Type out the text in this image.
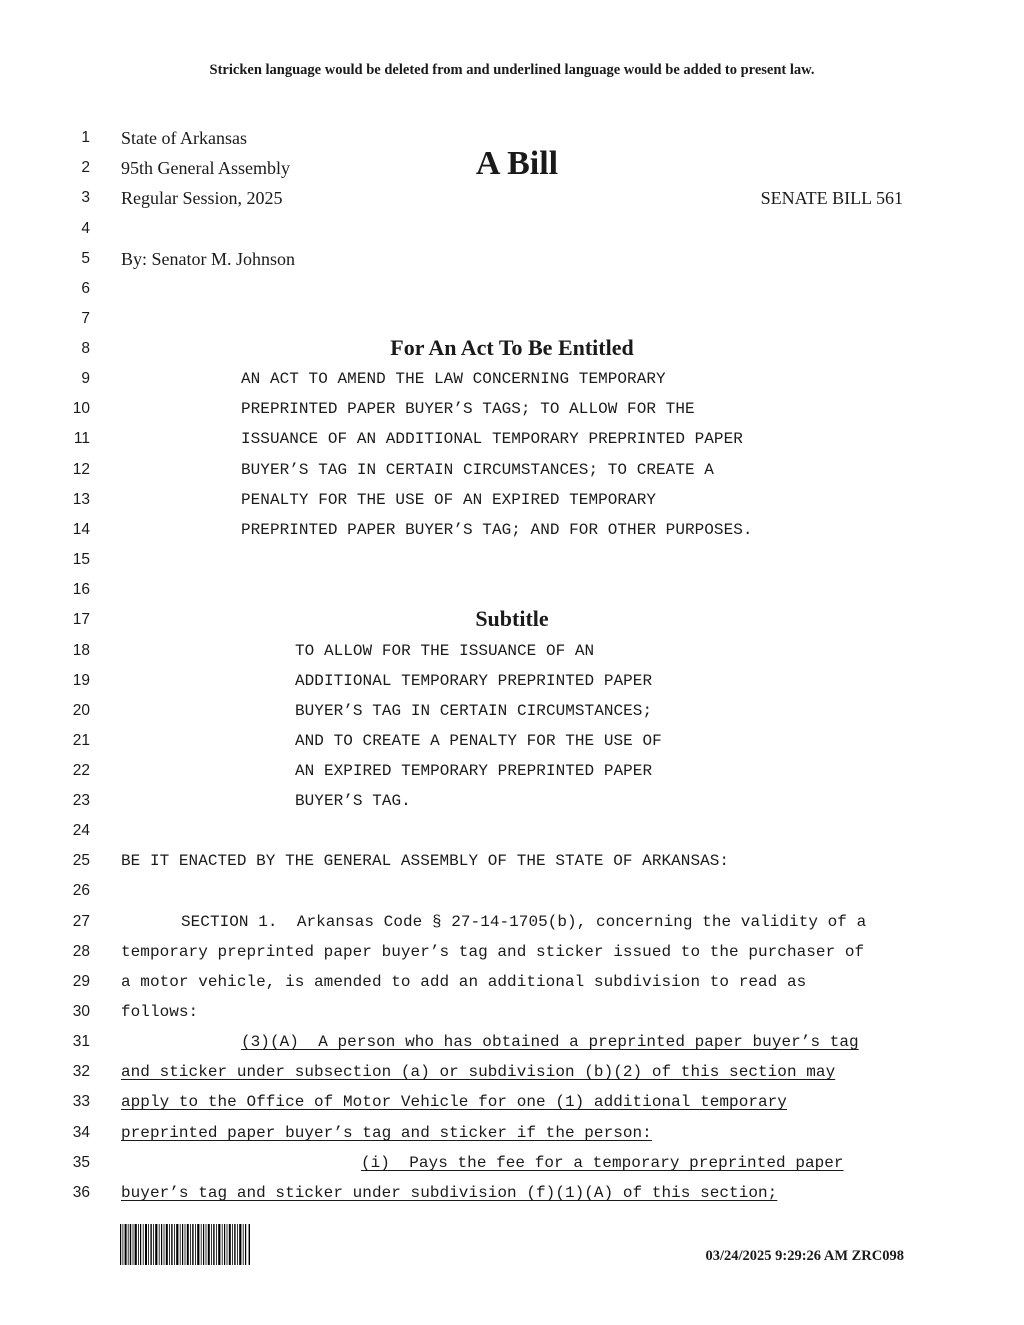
Stricken language would be deleted from and underlined language would be added to present law.
1
2
3
4
5
6
7
8
9
10
11
12
13
14
15
16
17
18
19
20
21
22
23
24
25
26
27
28
29
30
31
32
33
34
35
36
State of Arkansas
95th General Assembly
Regular Session, 2025
A Bill
SENATE BILL 561
By: Senator M. Johnson
For An Act To Be Entitled
AN ACT TO AMEND THE LAW CONCERNING TEMPORARY
PREPRINTED PAPER BUYER’S TAGS; TO ALLOW FOR THE
ISSUANCE OF AN ADDITIONAL TEMPORARY PREPRINTED PAPER
BUYER’S TAG IN CERTAIN CIRCUMSTANCES; TO CREATE A
PENALTY FOR THE USE OF AN EXPIRED TEMPORARY
PREPRINTED PAPER BUYER’S TAG; AND FOR OTHER PURPOSES.
Subtitle
TO ALLOW FOR THE ISSUANCE OF AN
ADDITIONAL TEMPORARY PREPRINTED PAPER
BUYER’S TAG IN CERTAIN CIRCUMSTANCES;
AND TO CREATE A PENALTY FOR THE USE OF
AN EXPIRED TEMPORARY PREPRINTED PAPER
BUYER’S TAG.
BE IT ENACTED BY THE GENERAL ASSEMBLY OF THE STATE OF ARKANSAS:
SECTION 1.  Arkansas Code § 27-14-1705(b), concerning the validity of a
temporary preprinted paper buyer’s tag and sticker issued to the purchaser of
a motor vehicle, is amended to add an additional subdivision to read as
follows:
(3)(A)  A person who has obtained a preprinted paper buyer’s tag
and sticker under subsection (a) or subdivision (b)(2) of this section may
apply to the Office of Motor Vehicle for one (1) additional temporary
preprinted paper buyer’s tag and sticker if the person:
(i)  Pays the fee for a temporary preprinted paper
buyer’s tag and sticker under subdivision (f)(1)(A) of this section;
03/24/2025 9:29:26 AM ZRC098
